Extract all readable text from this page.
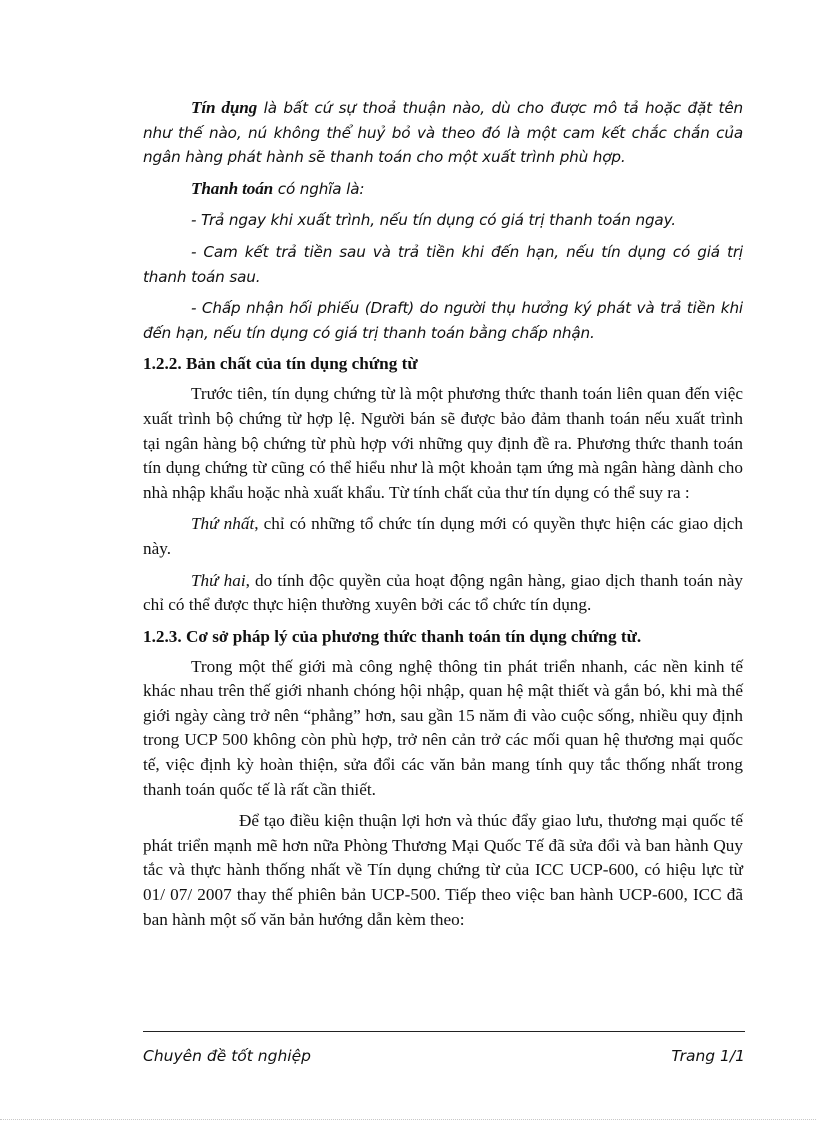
Tín dụng là bất cứ sự thoả thuận nào, dù cho được mô tả hoặc đặt tên như thế nào, nú không thể huỷ bỏ và theo đó là một cam kết chắc chắn của ngân hàng phát hành sẽ thanh toán cho một xuất trình phù hợp.

Thanh toán có nghĩa là:

- Trả ngay khi xuất trình, nếu tín dụng có giá trị thanh toán ngay.

- Cam kết trả tiền sau và trả tiền khi đến hạn, nếu tín dụng có giá trị thanh toán sau.

- Chấp nhận hối phiếu (Draft) do người thụ hưởng ký phát và trả tiền khi đến hạn, nếu tín dụng có giá trị thanh toán bằng chấp nhận.

1.2.2. Bản chất của tín dụng chứng từ

Trước tiên, tín dụng chứng từ là một phương thức thanh toán liên quan đến việc xuất trình bộ chứng từ hợp lệ. Người bán sẽ được bảo đảm thanh toán nếu xuất trình tại ngân hàng bộ chứng từ phù hợp với những quy định đề ra. Phương thức thanh toán tín dụng chứng từ cũng có thể hiểu như là một khoản tạm ứng mà ngân hàng dành cho nhà nhập khẩu hoặc nhà xuất khẩu. Từ tính chất của thư tín dụng có thể suy ra :

Thứ nhất, chỉ có những tổ chức tín dụng mới có quyền thực hiện các giao dịch này.

Thứ hai, do tính độc quyền của hoạt động ngân hàng, giao dịch thanh toán này chỉ có thể được thực hiện thường xuyên bởi các tổ chức tín dụng.

1.2.3. Cơ sở pháp lý của phương thức thanh toán tín dụng chứng từ.

Trong một thế giới mà công nghệ thông tin phát triển nhanh, các nền kinh tế khác nhau trên thế giới nhanh chóng hội nhập, quan hệ mật thiết và gắn bó, khi mà thế giới ngày càng trở nên “phẳng” hơn, sau gần 15 năm đi vào cuộc sống, nhiều quy định trong UCP 500 không còn phù hợp, trở nên cản trở các mối quan hệ thương mại quốc tế, việc định kỳ hoàn thiện, sửa đổi các văn bản mang tính quy tắc thống nhất trong thanh toán quốc tế là rất cần thiết.

Để tạo điều kiện thuận lợi hơn và thúc đẩy giao lưu, thương mại quốc tế phát triển mạnh mẽ hơn nữa Phòng Thương Mại Quốc Tế đã sửa đổi và ban hành Quy tắc và thực hành thống nhất về Tín dụng chứng từ của ICC UCP-600, có hiệu lực từ 01/ 07/ 2007 thay thế phiên bản UCP-500. Tiếp theo việc ban hành UCP-600, ICC đã ban hành một số văn bản hướng dẫn kèm theo:

Chuyên đề tốt nghiệp	Trang 1/1
